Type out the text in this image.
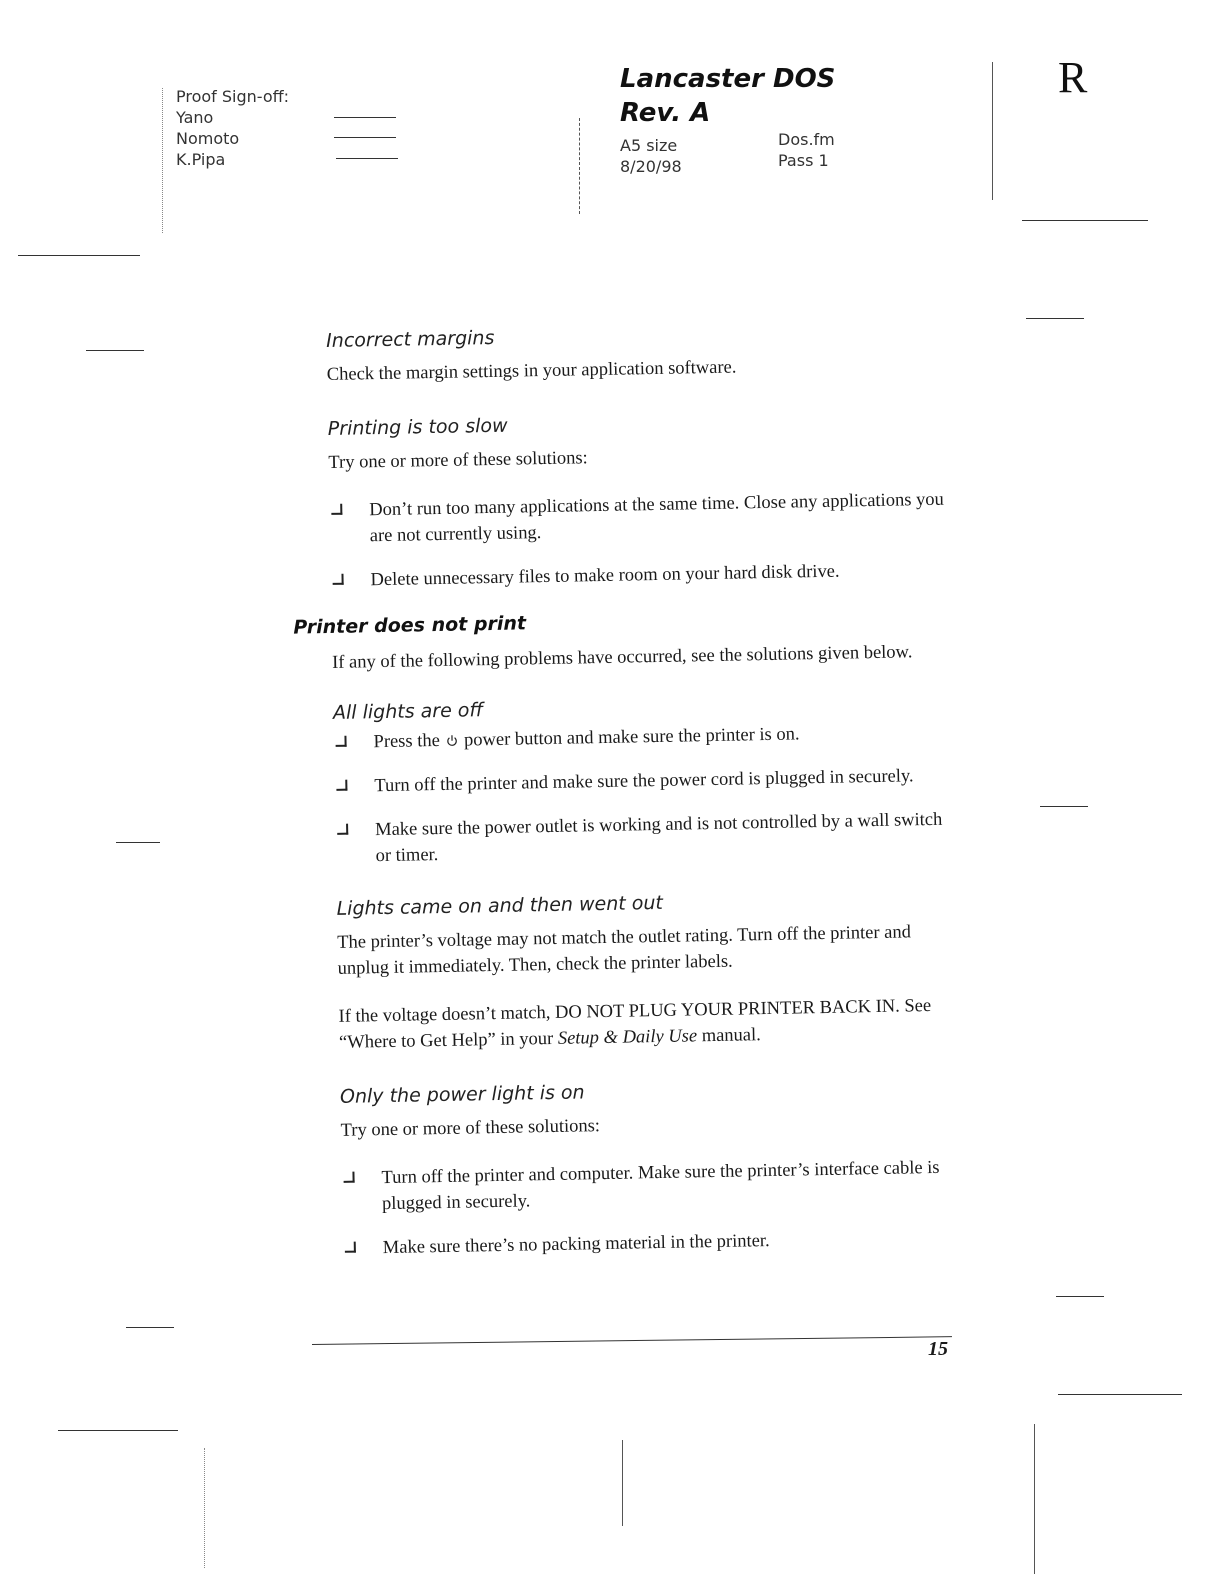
Proof Sign-off:
Yano
Nomoto
K.Pipa
Lancaster DOS
Rev. A
A5 size
8/20/98
Dos.fm
Pass 1
R
Incorrect margins

Check the margin settings in your application software.

Printing is too slow

Try one or more of these solutions:

Don’t run too many applications at the same time. Close any applications you are not currently using.
Delete unnecessary files to make room on your hard disk drive.
Printer does not print

If any of the following problems have occurred, see the solutions given below.

All lights are off
Press the power button and make sure the printer is on.
Turn off the printer and make sure the power cord is plugged in securely.
Make sure the power outlet is working and is not controlled by a wall switch or timer.
Lights came on and then went out

The printer’s voltage may not match the outlet rating. Turn off the printer and unplug it immediately. Then, check the printer labels.

If the voltage doesn’t match, DO NOT PLUG YOUR PRINTER BACK IN. See “Where to Get Help” in your Setup & Daily Use manual.

Only the power light is on

Try one or more of these solutions:

Turn off the printer and computer. Make sure the printer’s interface cable is plugged in securely.
Make sure there’s no packing material in the printer.
15
